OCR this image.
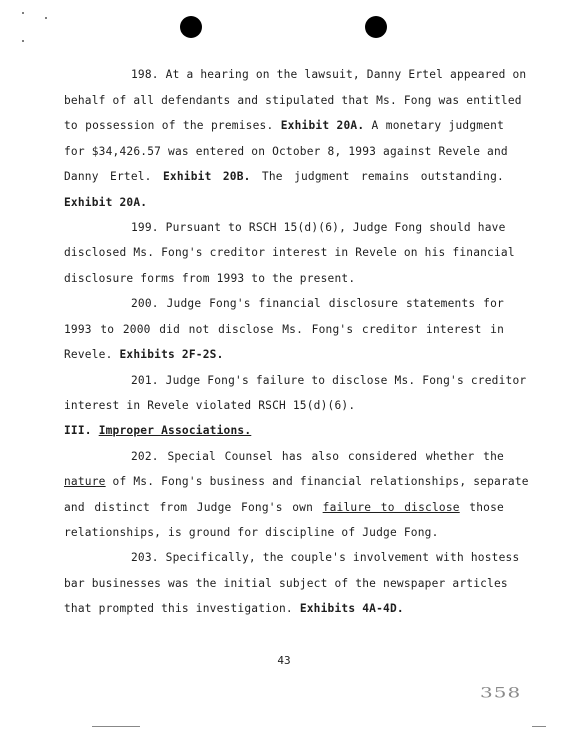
198. At a hearing on the lawsuit, Danny Ertel appeared on
behalf of all defendants and stipulated that Ms. Fong was entitled
to possession of the premises. Exhibit 20A. A monetary judgment
for $34,426.57 was entered on October 8, 1993 against Revele and
Danny Ertel. Exhibit 20B. The judgment remains outstanding.
Exhibit 20A.
199. Pursuant to RSCH 15(d)(6), Judge Fong should have
disclosed Ms. Fong's creditor interest in Revele on his financial
disclosure forms from 1993 to the present.
200. Judge Fong's financial disclosure statements for
1993 to 2000 did not disclose Ms. Fong's creditor interest in
Revele. Exhibits 2F-2S.
201. Judge Fong's failure to disclose Ms. Fong's creditor
interest in Revele violated RSCH 15(d)(6).
III. Improper Associations.
202. Special Counsel has also considered whether the
nature of Ms. Fong's business and financial relationships, separate
and distinct from Judge Fong's own failure to disclose those
relationships, is ground for discipline of Judge Fong.
203. Specifically, the couple's involvement with hostess
bar businesses was the initial subject of the newspaper articles
that prompted this investigation. Exhibits 4A-4D.
43
358
